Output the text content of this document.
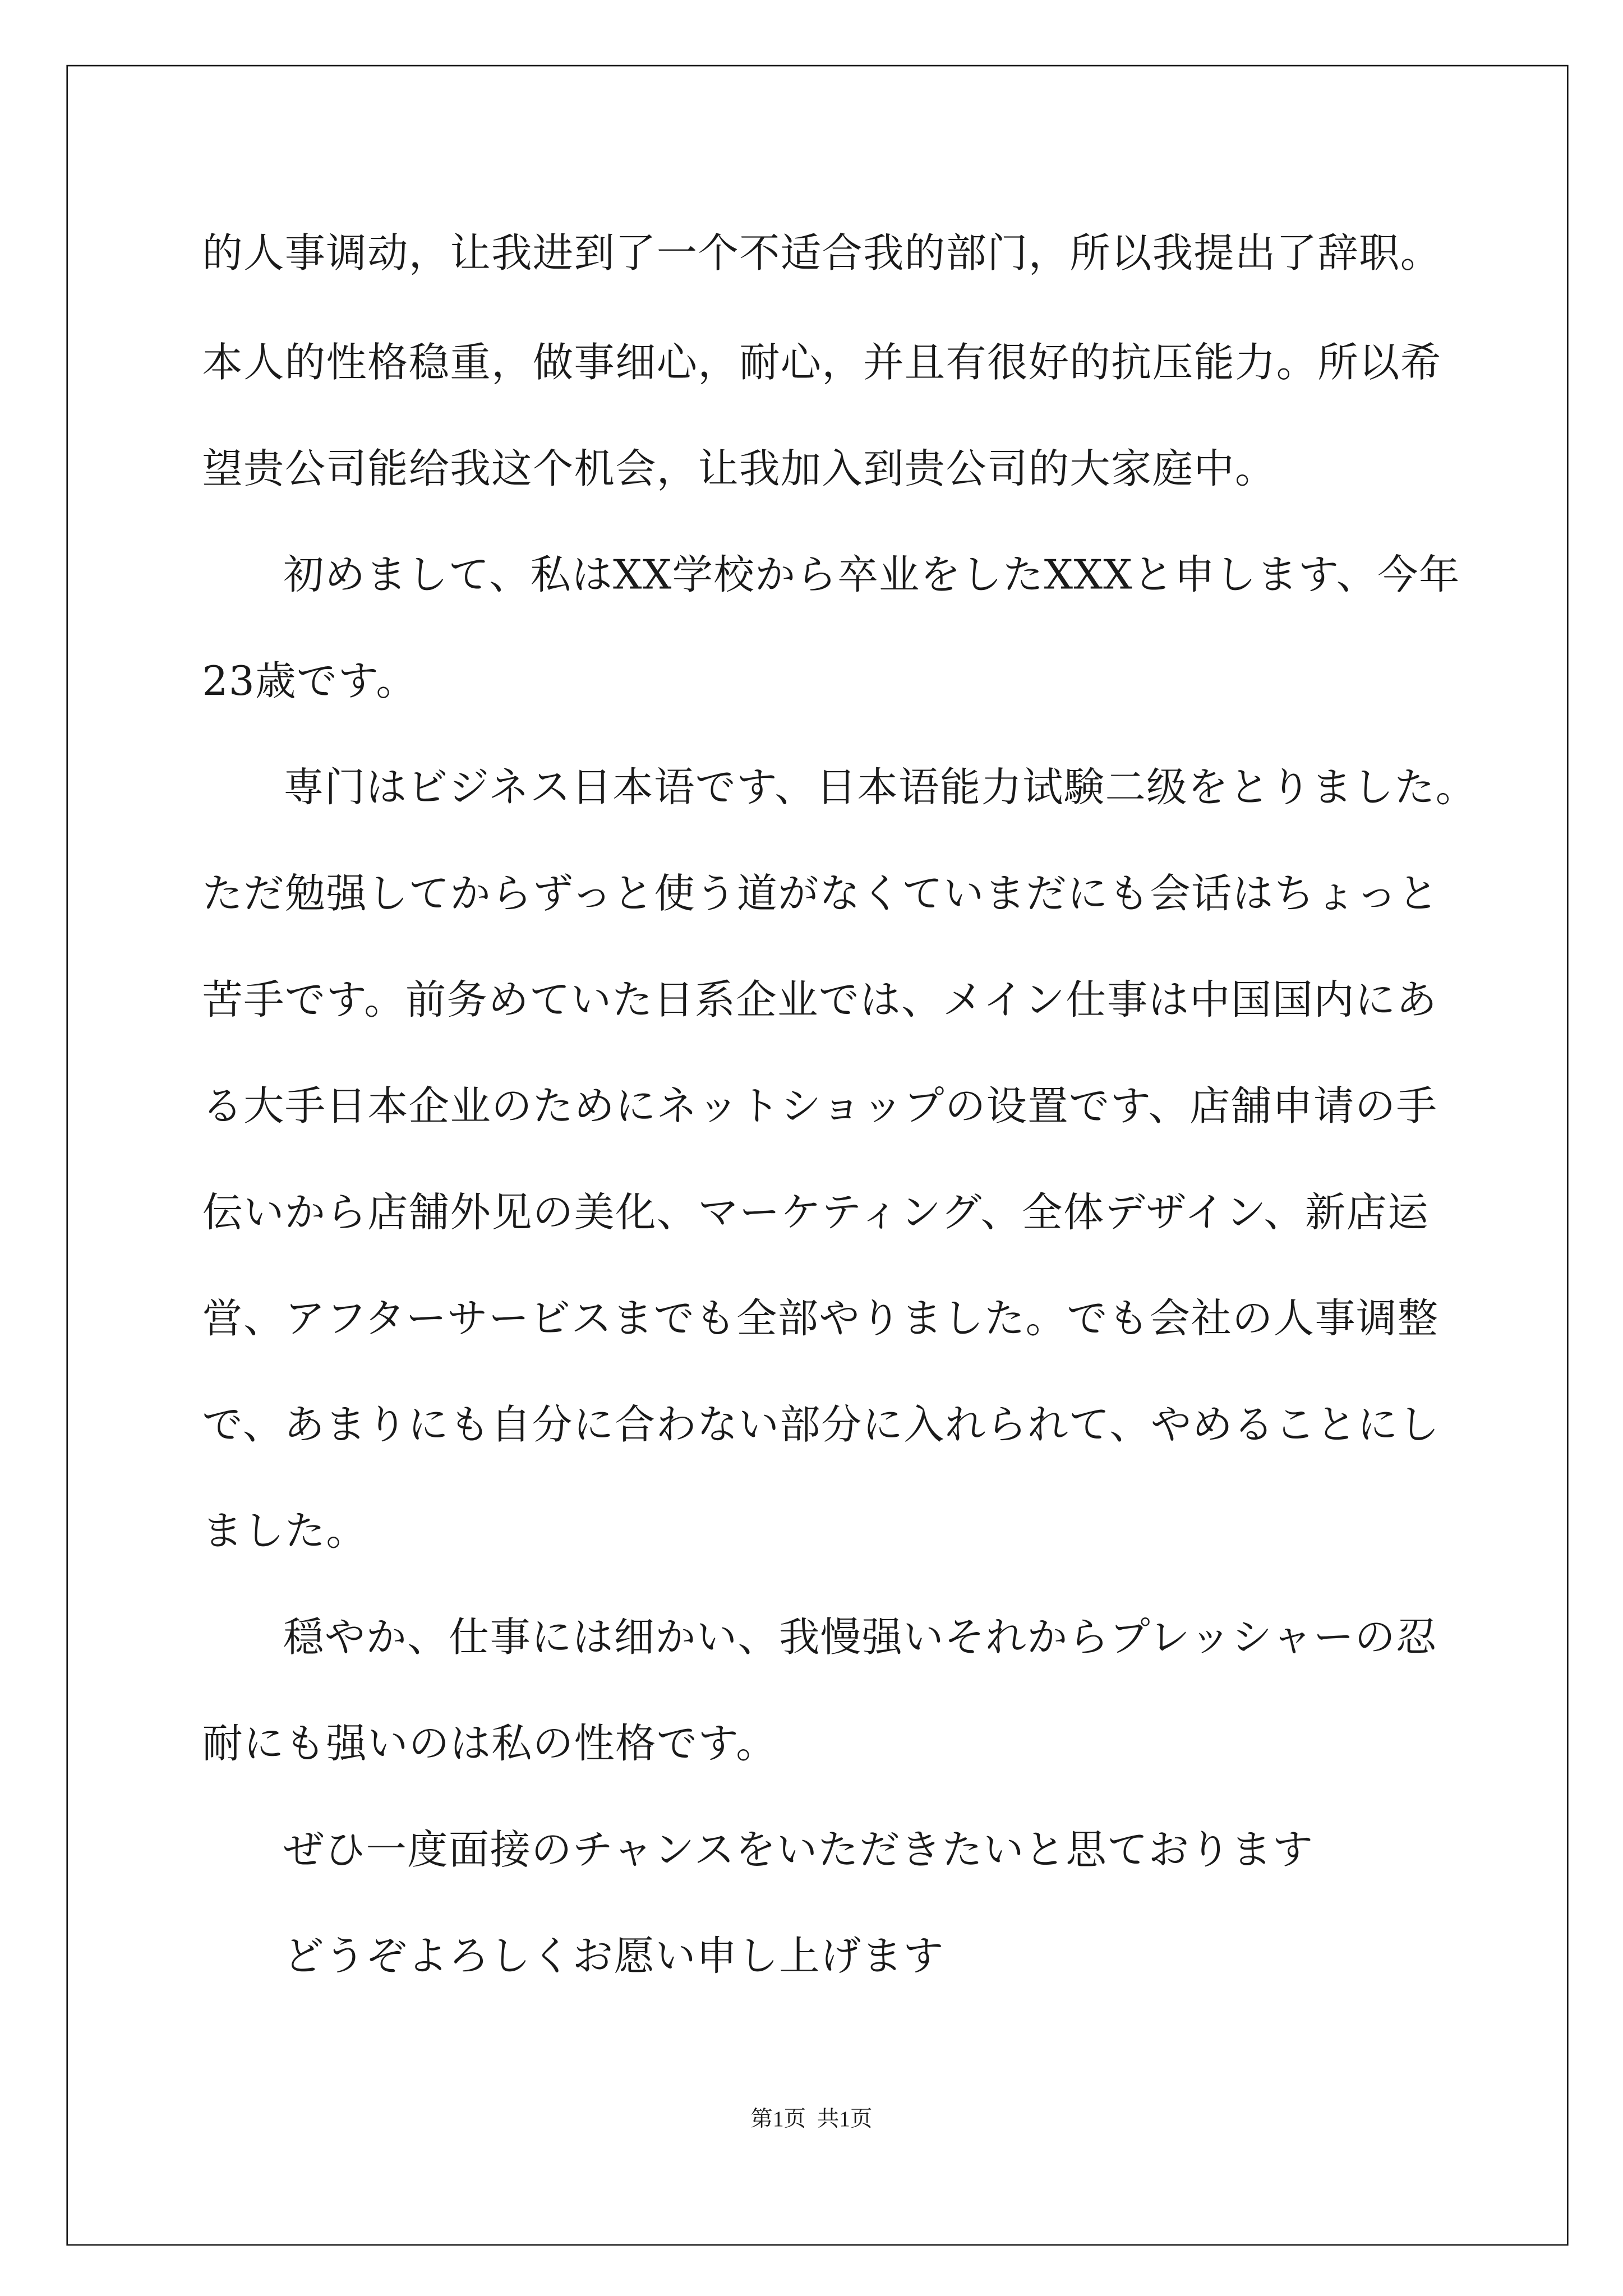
的人事调动，让我进到了一个不适合我的部门，所以我提出了辞职。
本人的性格稳重，做事细心，耐心，并且有很好的抗压能力。所以希
望贵公司能给我这个机会，让我加入到贵公司的大家庭中。
初めまして、私はXX学校から卒业をしたXXXと申します、今年
23歳です。
専门はビジネス日本语です、日本语能力试験二级をとりました。
ただ勉强してからずっと使う道がなくていまだにも会话はちょっと
苦手です。前务めていた日系企业では、メイン仕事は中国国内にあ
る大手日本企业のためにネットショップの设置です、店舗申请の手
伝いから店舗外见の美化、マーケティング、全体デザイン、新店运
営、アフターサービスまでも全部やりました。でも会社の人事调整
で、あまりにも自分に合わない部分に入れられて、やめることにし
ました。
穏やか、仕事には细かい、我慢强いそれからプレッシャーの忍
耐にも强いのは私の性格です。
ぜひ一度面接のチャンスをいただきたいと思ております
どうぞよろしくお愿い申し上げます
第1页  共1页
